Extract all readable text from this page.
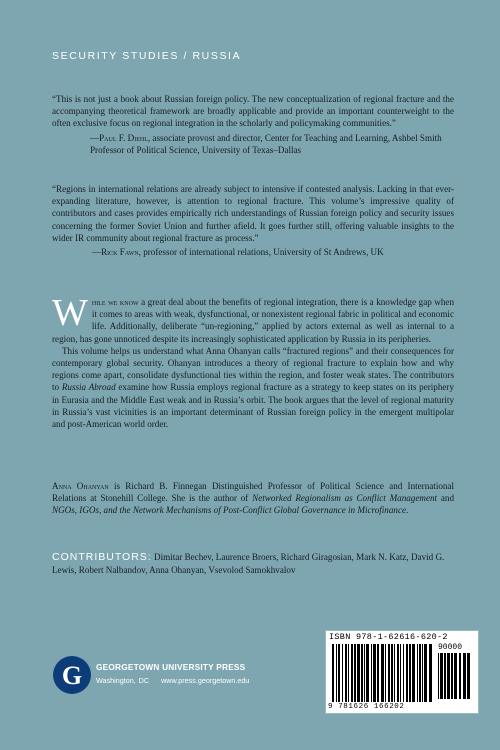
SECURITY STUDIES / RUSSIA

“This is not just a book about Russian foreign policy. The new conceptualization of regional fracture and the accompanying theoretical framework are broadly applicable and provide an important counterweight to the often exclusive focus on regional integration in the scholarly and policymaking communities.”

—Paul F. Diehl, associate provost and director, Center for Teaching and Learning, Ashbel Smith Professor of Political Science, University of Texas–Dallas

“Regions in international relations are already subject to intensive if contested analysis. Lacking in that ever-expanding literature, however, is attention to regional fracture. This volume’s impressive quality of contributors and cases provides empirically rich understandings of Russian foreign policy and security issues concerning the former Soviet Union and further afield. It goes further still, offering valuable insights to the wider IR community about regional fracture as process.”

—Rick Fawn, professor of international relations, University of St Andrews, UK

While we know a great deal about the benefits of regional integration, there is a knowledge gap when it comes to areas with weak, dysfunctional, or nonexistent regional fabric in political and economic life. Additionally, deliberate “un-regioning,” applied by actors external as well as internal to a region, has gone unnoticed despite its increasingly sophisticated application by Russia in its peripheries.

This volume helps us understand what Anna Ohanyan calls “fractured regions” and their consequences for contemporary global security. Ohanyan introduces a theory of regional fracture to explain how and why regions come apart, consolidate dysfunctional ties within the region, and foster weak states. The contributors to Russia Abroad examine how Russia employs regional fracture as a strategy to keep states on its periphery in Eurasia and the Middle East weak and in Russia’s orbit. The book argues that the level of regional maturity in Russia’s vast vicinities is an important determinant of Russian foreign policy in the emergent multipolar and post-American world order.

Anna Ohanyan is Richard B. Finnegan Distinguished Professor of Political Science and International Relations at Stonehill College. She is the author of Networked Regionalism as Conflict Management and NGOs, IGOs, and the Network Mechanisms of Post-Conflict Global Governance in Microfinance.

CONTRIBUTORS: Dimitar Bechev, Laurence Broers, Richard Giragosian, Mark N. Katz, David G. Lewis, Robert Nalbandov, Anna Ohanyan, Vsevolod Samokhvalov
G GEORGETOWN UNIVERSITY PRESS
Washington, DC www.press.georgetown.edu
ISBN 978-1-62616-620-2
90000
9 781626 166202
